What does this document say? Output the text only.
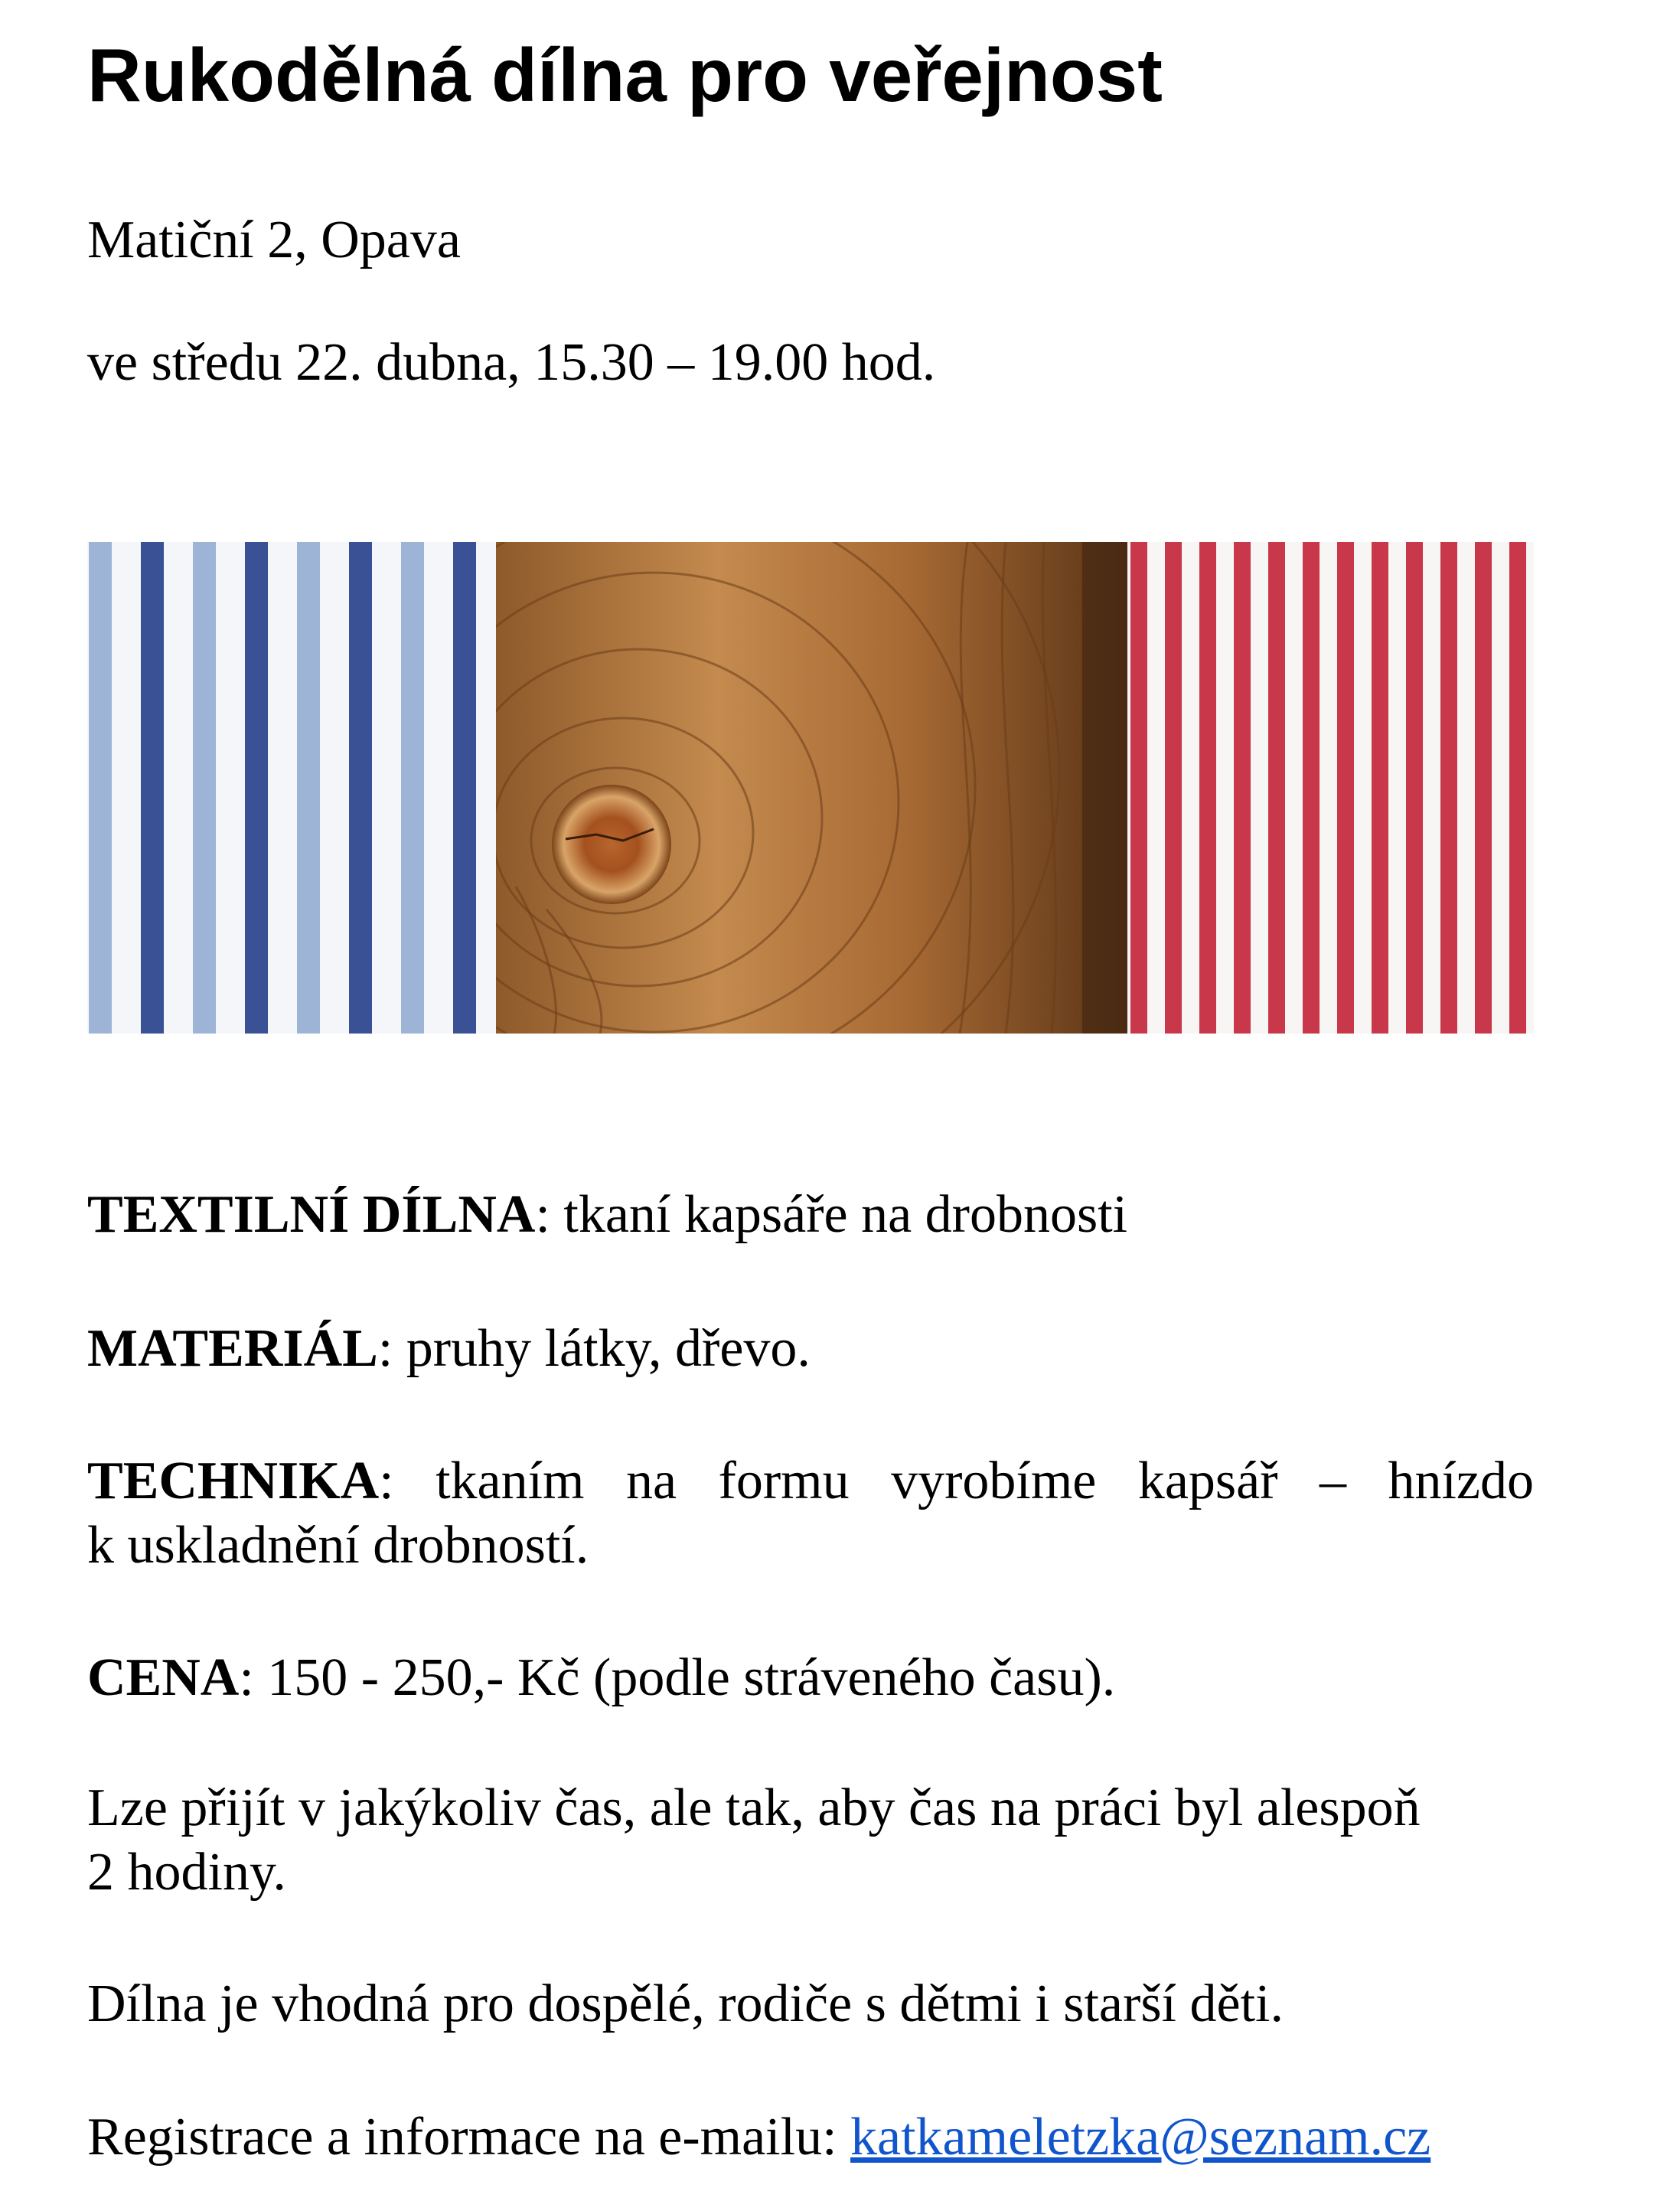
Rukodělná dílna pro veřejnost

Matiční 2, Opava

ve středu 22. dubna, 15.30 – 19.00 hod.

TEXTILNÍ DÍLNA: tkaní kapsáře na drobnosti

MATERIÁL: pruhy látky, dřevo.

TECHNIKA: tkaním na formu vyrobíme kapsář – hnízdo
k uskladnění drobností.

CENA: 150 - 250,- Kč (podle stráveného času).

Lze přijít v jakýkoliv čas, ale tak, aby čas na práci byl alespoň
2 hodiny.

Dílna je vhodná pro dospělé, rodiče s dětmi i starší děti.

Registrace a informace na e-mailu: katkameletzka@seznam.cz
